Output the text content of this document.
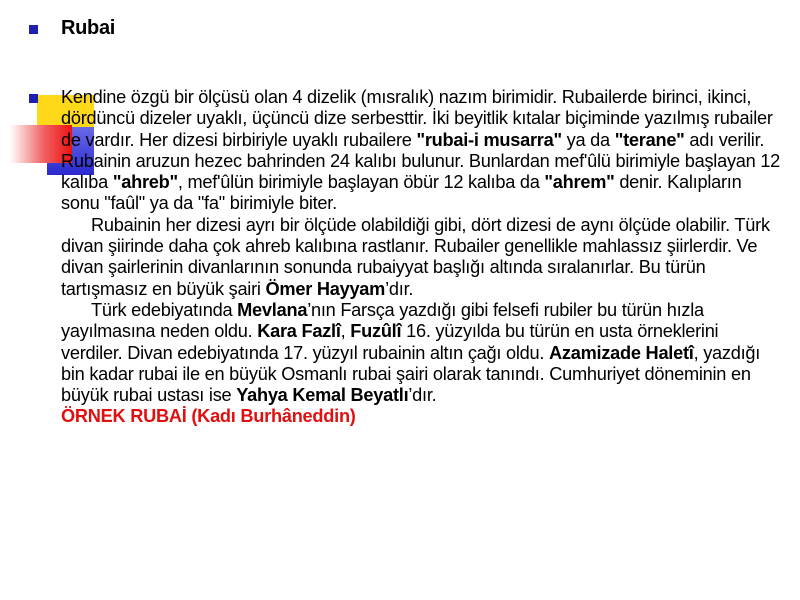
Rubai

Kendine özgü bir ölçüsü olan 4 dizelik (mısralık) nazım birimidir. Rubailerde birinci, ikinci, dördüncü dizeler uyaklı, üçüncü dize serbesttir. İki beyitlik kıtalar biçiminde yazılmış rubailer de vardır. Her dizesi birbiriyle uyaklı rubailere "rubai-i musarra" ya da "terane" adı verilir. Rubainin aruzun hezec bahrinden 24 kalıbı bulunur. Bunlardan mef'ûlü birimiyle başlayan 12 kalıba "ahreb", mef'ûlün birimiyle başlayan öbür 12 kalıba da "ahrem" denir. Kalıpların sonu "faûl" ya da "fa" birimiyle biter.

Rubainin her dizesi ayrı bir ölçüde olabildiği gibi, dört dizesi de aynı ölçüde olabilir. Türk divan şiirinde daha çok ahreb kalıbına rastlanır. Rubailer genellikle mahlassız şiirlerdir. Ve divan şairlerinin divanlarının sonunda rubaiyyat başlığı altında sıralanırlar. Bu türün tartışmasız en büyük şairi Ömer Hayyam’dır.

Türk edebiyatında Mevlana’nın Farsça yazdığı gibi felsefi rubiler bu türün hızla yayılmasına neden oldu. Kara Fazlî, Fuzûlî 16. yüzyılda bu türün en usta örneklerini verdiler. Divan edebiyatında 17. yüzyıl rubainin altın çağı oldu. Azamizade Haletî, yazdığı bin kadar rubai ile en büyük Osmanlı rubai şairi olarak tanındı. Cumhuriyet döneminin en büyük rubai ustası ise Yahya Kemal Beyatlı’dır.

ÖRNEK RUBAİ (Kadı Burhâneddin)
